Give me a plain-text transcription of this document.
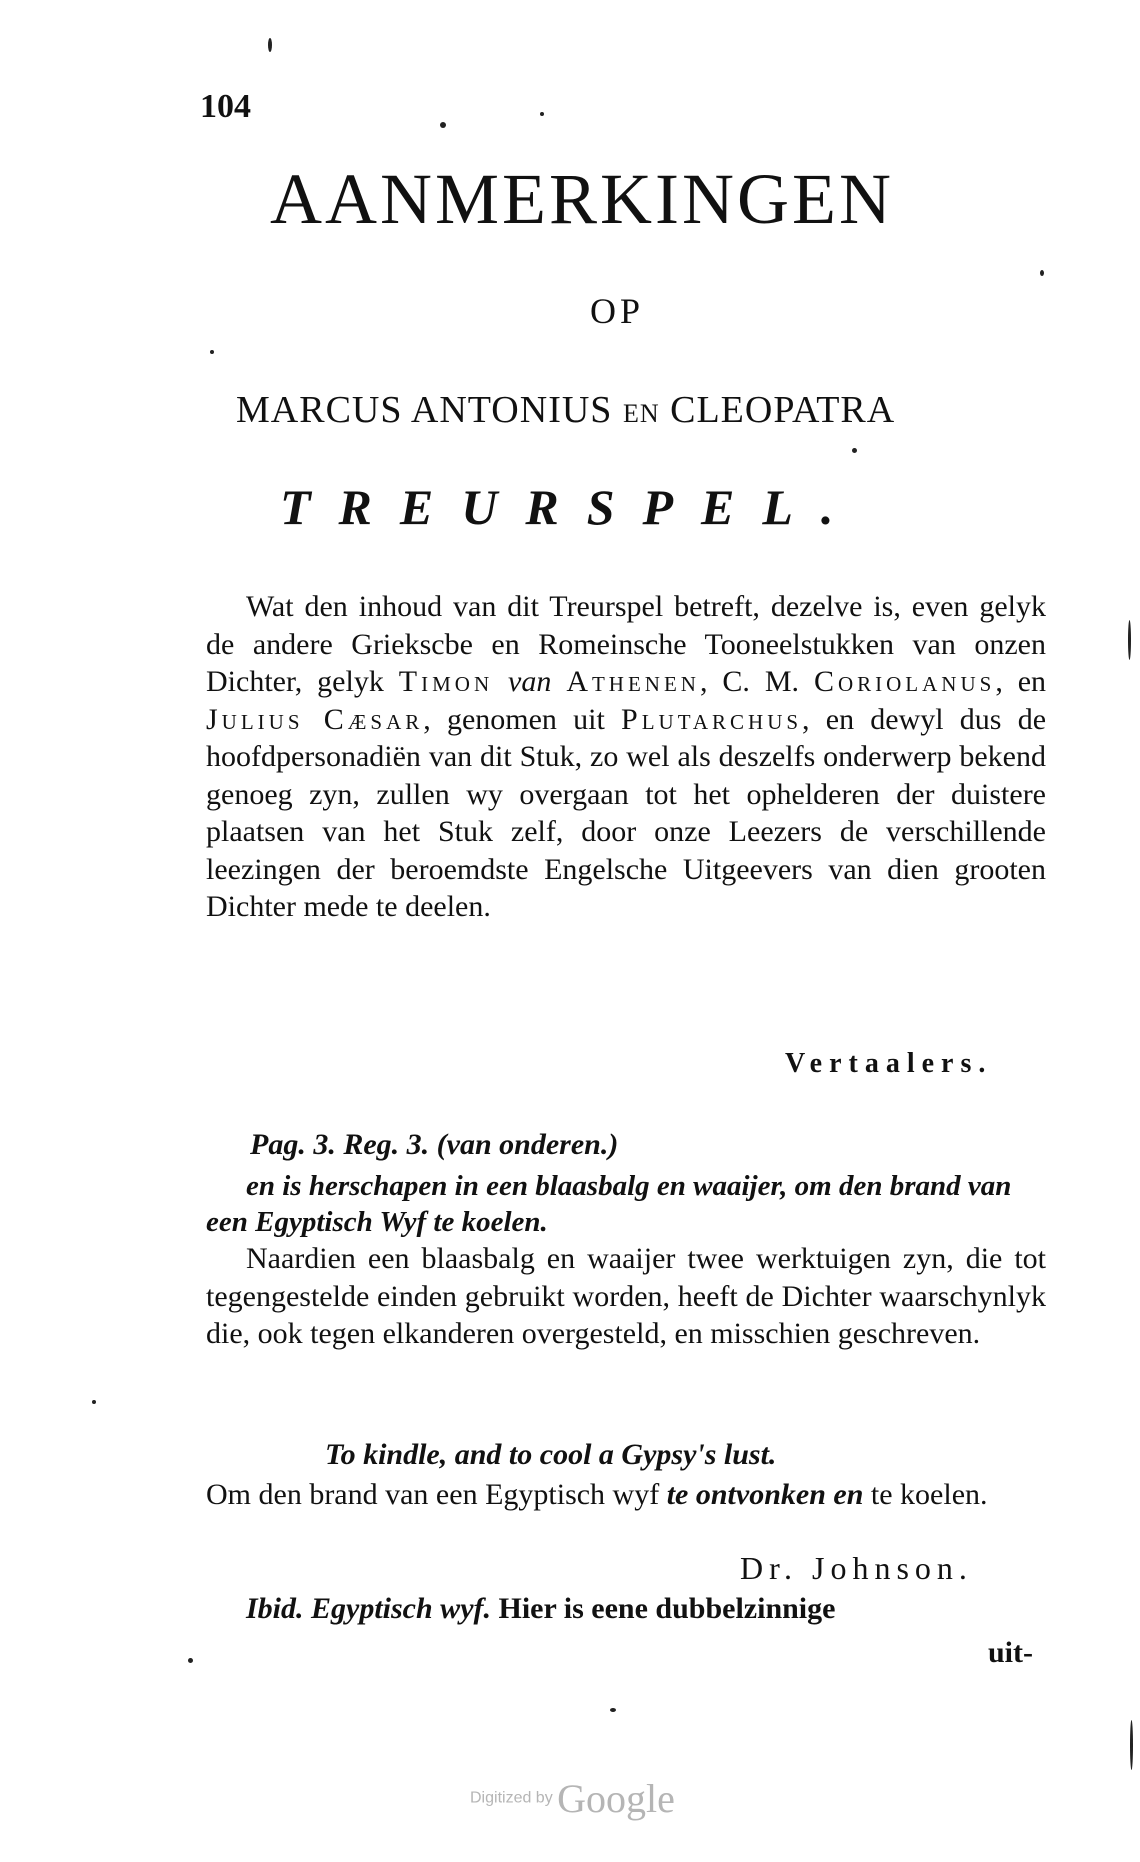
104
AANMERKINGEN
OP
MARCUS ANTONIUS EN CLEOPATRA
TREURSPEL.

Wat den inhoud van dit Treurspel betreft, dezelve is, even gelyk de andere Griekscbe en Romeinsche Tooneelstukken van onzen Dichter, gelyk Timon van Athenen, C. M. Coriolanus, en Julius Cæsar, genomen uit Plutarchus, en dewyl dus de hoofdpersonadiën van dit Stuk, zo wel als deszelfs onderwerp bekend genoeg zyn, zullen wy overgaan tot het ophelderen der duistere plaatsen van het Stuk zelf, door onze Leezers de verschillende leezingen der beroemdste Engelsche Uitgeevers van dien grooten Dichter mede te deelen.

Vertaalers.
Pag. 3. Reg. 3. (van onderen.)
en is herschapen in een blaasbalg en waaijer, om den brand van een Egyptisch Wyf te koelen.

Naardien een blaasbalg en waaijer twee werktuigen zyn, die tot tegengestelde einden gebruikt worden, heeft de Dichter waarschynlyk die, ook tegen elkanderen overgesteld, en misschien geschreven.

To kindle, and to cool a Gypsy's lust.

Om den brand van een Egyptisch wyf te ontvonken en te koelen.

Dr. Johnson.

Ibid. Egyptisch wyf. Hier is eene dubbelzinnige

uit-
Digitized by Google
